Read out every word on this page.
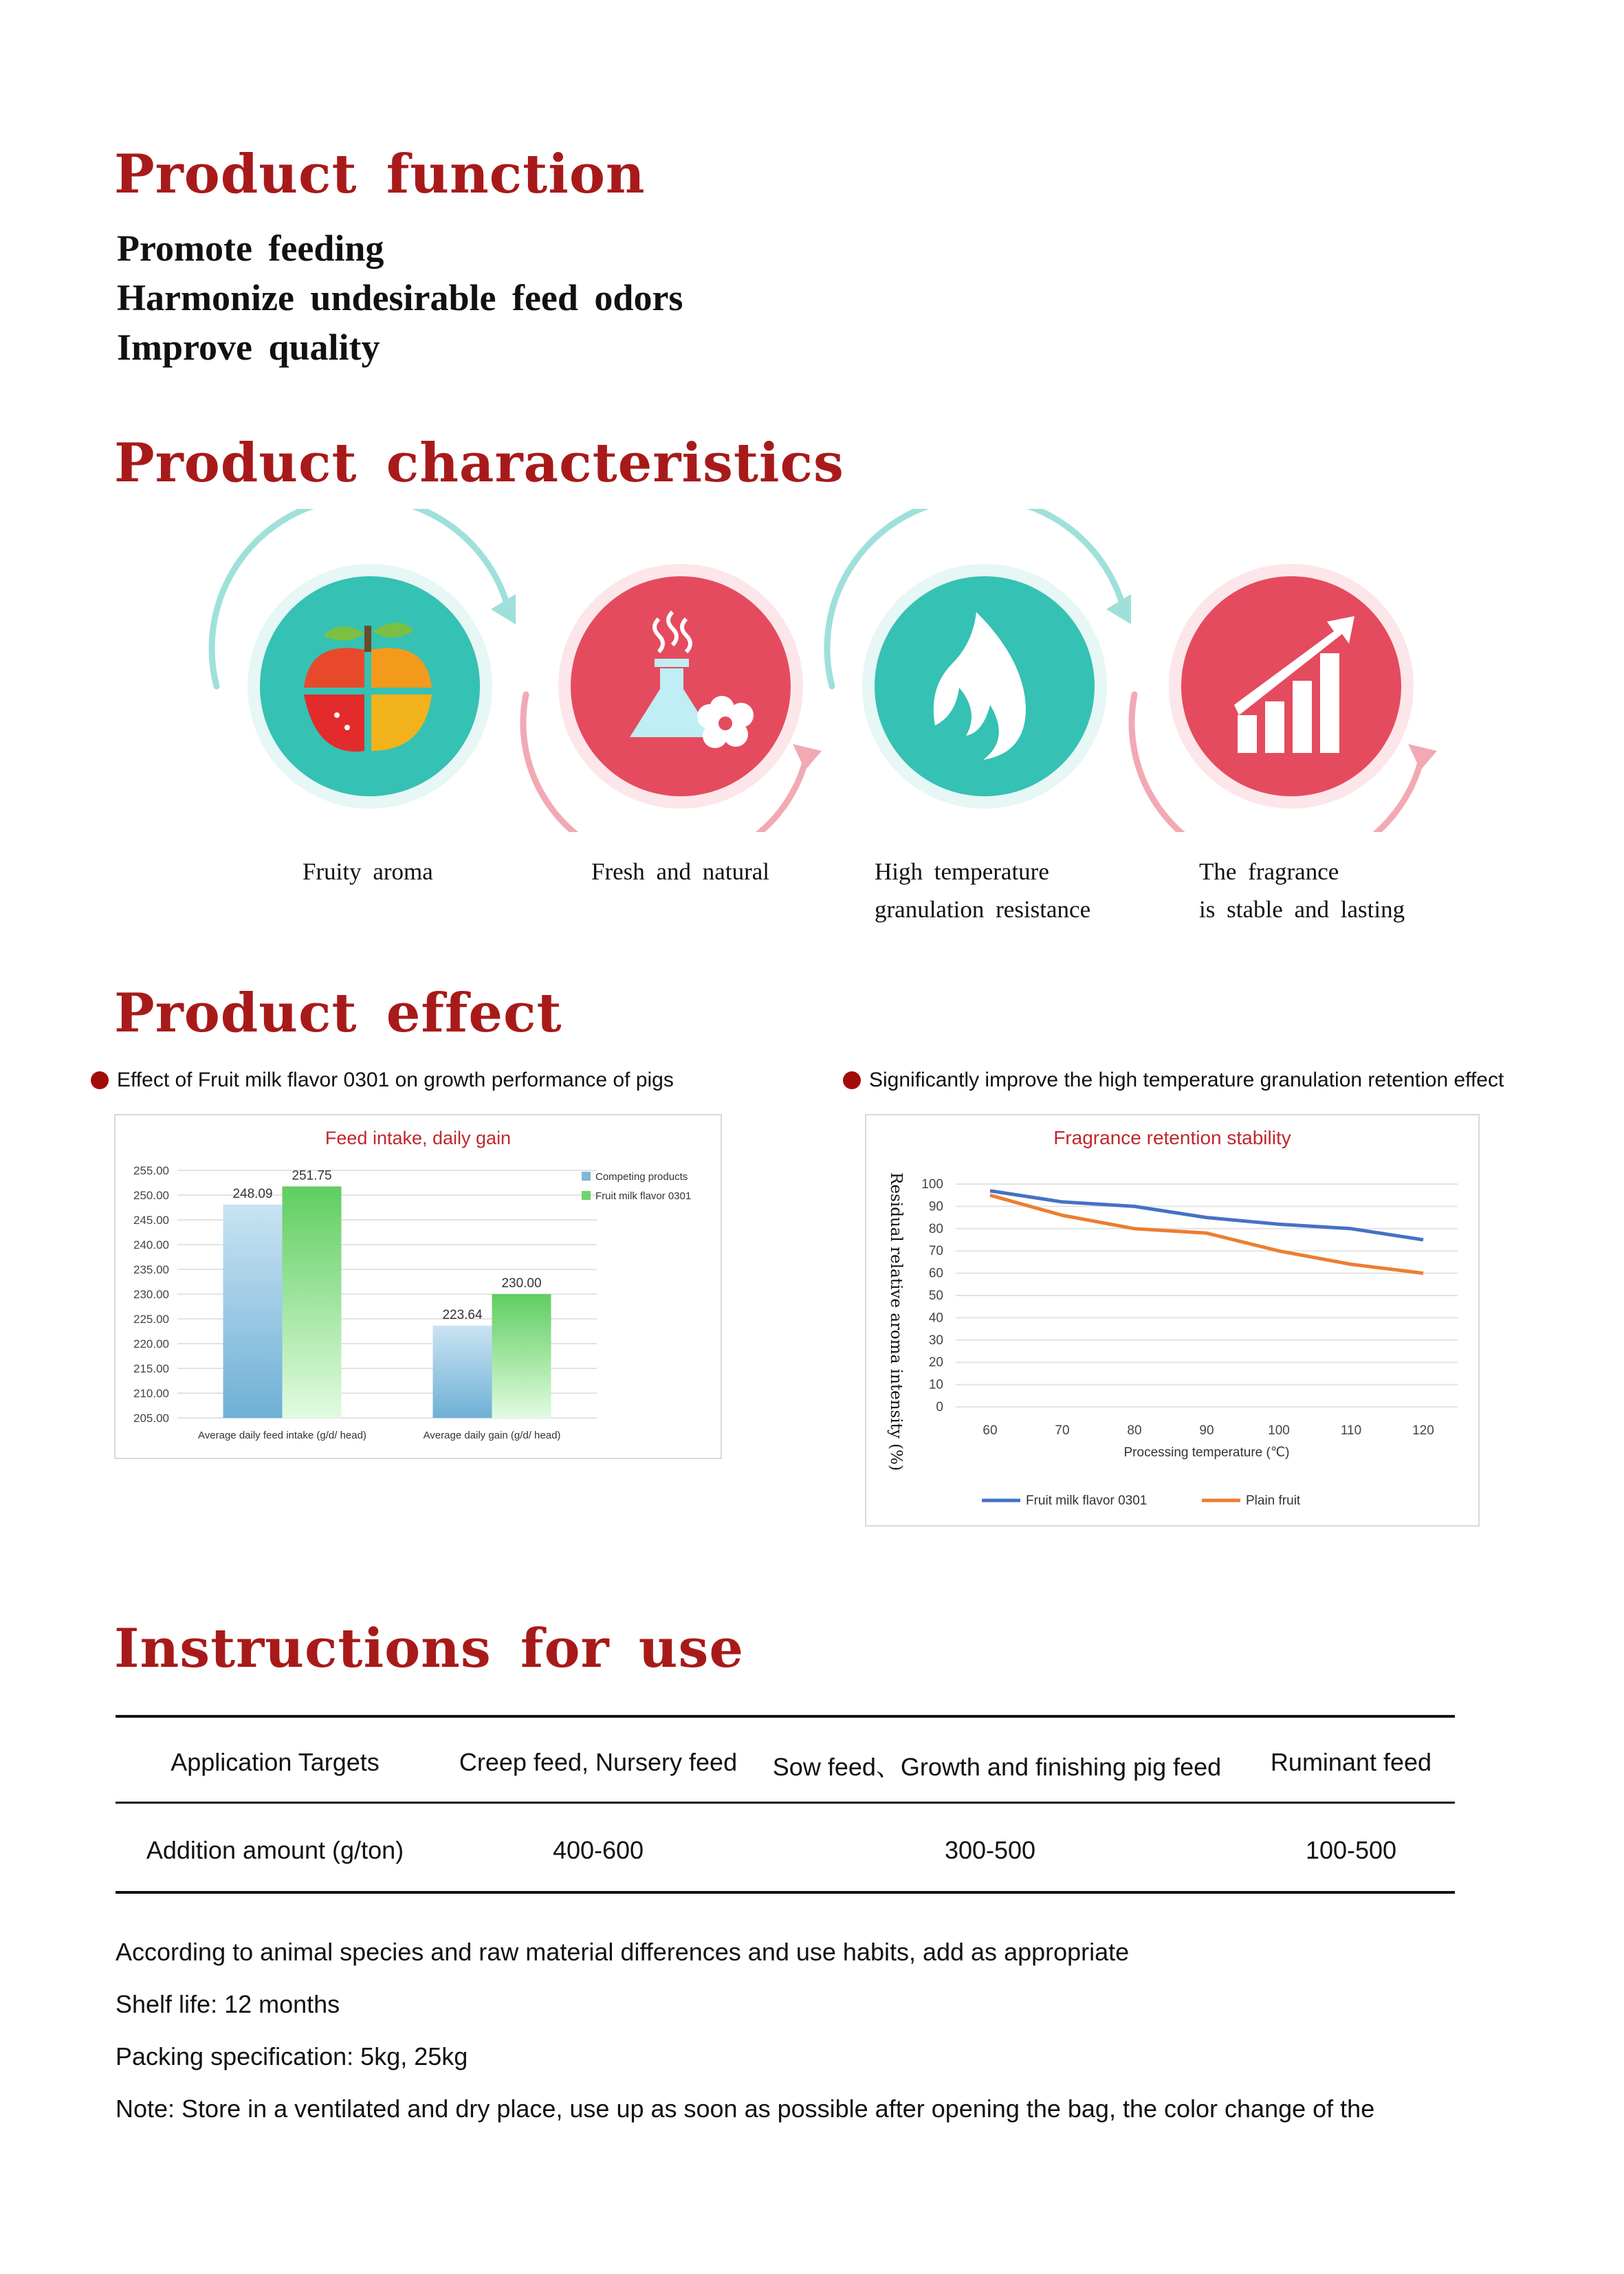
Product function
Promote feeding
Harmonize undesirable feed odors
Improve quality
Product characteristics
Fruity aroma	Fresh and natural	High temperature
granulation resistance
The fragrance
is stable and lasting
Product effect
Effect of Fruit milk flavor 0301 on growth performance of pigs	Significantly improve the high temperature granulation retention effect
Feed intake, daily gain
255.00
250.00
245.00
240.00
235.00
230.00
225.00
220.00
215.00
210.00
205.00
248.09
251.75
Average daily feed intake (g/d/ head)
223.64
230.00
Average daily gain (g/d/ head)
Competing products
Fruit milk flavor 0301
Fragrance retention stability
100
90
80
70
60
50
40
30
20
10
0
60	70	80	90	100	110	120
Processing temperature (℃)
Residual relative aroma intensity (%)
Fruit milk flavor 0301	Plain fruit
Instructions for use
Application Targets	Creep feed, Nursery feed	Sow feed、Growth and finishing pig feed	Ruminant feed
Addition amount (g/ton)	400-600	300-500	100-500
According to animal species and raw material differences and use habits, add as appropriate
Shelf life: 12 months
Packing specification: 5kg, 25kg
Note: Store in a ventilated and dry place, use up as soon as possible after opening the bag, the color change of the
